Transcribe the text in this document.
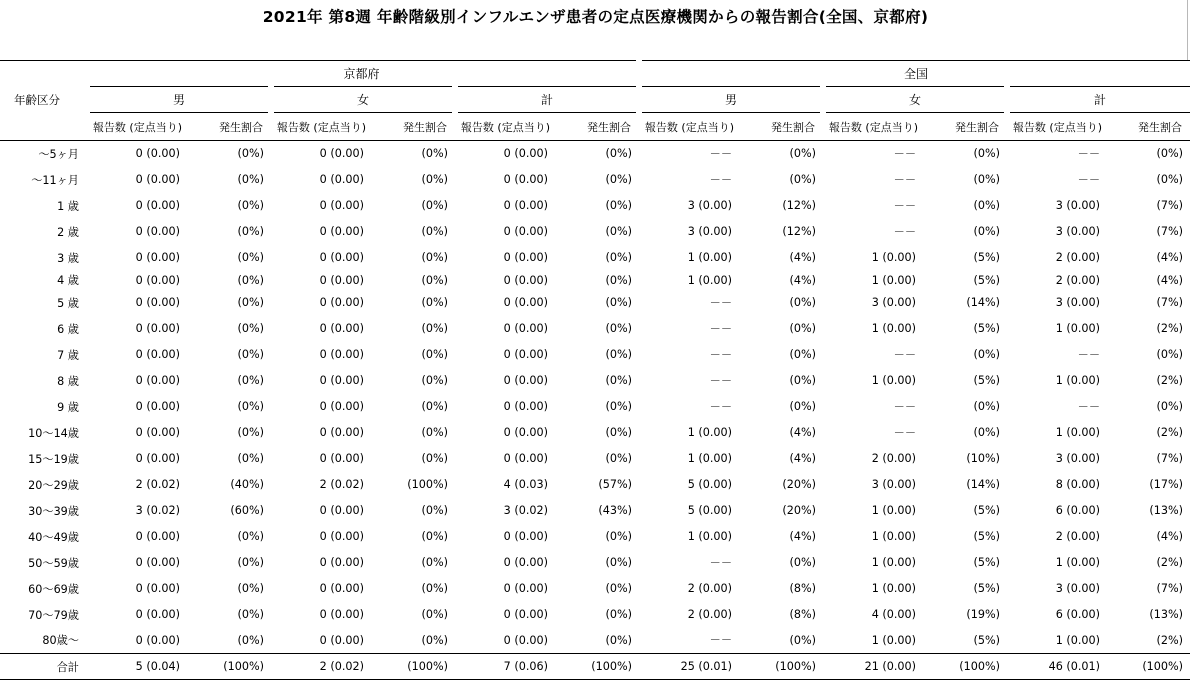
2021年 第8週 年齢階級別インフルエンザ患者の定点医療機関からの報告割合(全国、京都府)
	京都府						全国					
年齢区分	男		女		計		男		女		計	
	報告数 (定点当り)	発生割合	報告数 (定点当り)	発生割合	報告数 (定点当り)	発生割合	報告数 (定点当り)	発生割合	報告数 (定点当り)	発生割合	報告数 (定点当り)	発生割合
〜5ヶ月	0 (0.00)	(0%)	0 (0.00)	(0%)	0 (0.00)	(0%)	－－	(0%)	－－	(0%)	－－	(0%)
〜11ヶ月	0 (0.00)	(0%)	0 (0.00)	(0%)	0 (0.00)	(0%)	－－	(0%)	－－	(0%)	－－	(0%)
1 歳	0 (0.00)	(0%)	0 (0.00)	(0%)	0 (0.00)	(0%)	3 (0.00)	(12%)	－－	(0%)	3 (0.00)	(7%)
2 歳	0 (0.00)	(0%)	0 (0.00)	(0%)	0 (0.00)	(0%)	3 (0.00)	(12%)	－－	(0%)	3 (0.00)	(7%)
3 歳	0 (0.00)	(0%)	0 (0.00)	(0%)	0 (0.00)	(0%)	1 (0.00)	(4%)	1 (0.00)	(5%)	2 (0.00)	(4%)
4 歳	0 (0.00)	(0%)	0 (0.00)	(0%)	0 (0.00)	(0%)	1 (0.00)	(4%)	1 (0.00)	(5%)	2 (0.00)	(4%)
5 歳	0 (0.00)	(0%)	0 (0.00)	(0%)	0 (0.00)	(0%)	－－	(0%)	3 (0.00)	(14%)	3 (0.00)	(7%)
6 歳	0 (0.00)	(0%)	0 (0.00)	(0%)	0 (0.00)	(0%)	－－	(0%)	1 (0.00)	(5%)	1 (0.00)	(2%)
7 歳	0 (0.00)	(0%)	0 (0.00)	(0%)	0 (0.00)	(0%)	－－	(0%)	－－	(0%)	－－	(0%)
8 歳	0 (0.00)	(0%)	0 (0.00)	(0%)	0 (0.00)	(0%)	－－	(0%)	1 (0.00)	(5%)	1 (0.00)	(2%)
9 歳	0 (0.00)	(0%)	0 (0.00)	(0%)	0 (0.00)	(0%)	－－	(0%)	－－	(0%)	－－	(0%)
10〜14歳	0 (0.00)	(0%)	0 (0.00)	(0%)	0 (0.00)	(0%)	1 (0.00)	(4%)	－－	(0%)	1 (0.00)	(2%)
15〜19歳	0 (0.00)	(0%)	0 (0.00)	(0%)	0 (0.00)	(0%)	1 (0.00)	(4%)	2 (0.00)	(10%)	3 (0.00)	(7%)
20〜29歳	2 (0.02)	(40%)	2 (0.02)	(100%)	4 (0.03)	(57%)	5 (0.00)	(20%)	3 (0.00)	(14%)	8 (0.00)	(17%)
30〜39歳	3 (0.02)	(60%)	0 (0.00)	(0%)	3 (0.02)	(43%)	5 (0.00)	(20%)	1 (0.00)	(5%)	6 (0.00)	(13%)
40〜49歳	0 (0.00)	(0%)	0 (0.00)	(0%)	0 (0.00)	(0%)	1 (0.00)	(4%)	1 (0.00)	(5%)	2 (0.00)	(4%)
50〜59歳	0 (0.00)	(0%)	0 (0.00)	(0%)	0 (0.00)	(0%)	－－	(0%)	1 (0.00)	(5%)	1 (0.00)	(2%)
60〜69歳	0 (0.00)	(0%)	0 (0.00)	(0%)	0 (0.00)	(0%)	2 (0.00)	(8%)	1 (0.00)	(5%)	3 (0.00)	(7%)
70〜79歳	0 (0.00)	(0%)	0 (0.00)	(0%)	0 (0.00)	(0%)	2 (0.00)	(8%)	4 (0.00)	(19%)	6 (0.00)	(13%)
80歳〜	0 (0.00)	(0%)	0 (0.00)	(0%)	0 (0.00)	(0%)	－－	(0%)	1 (0.00)	(5%)	1 (0.00)	(2%)
合計	5 (0.04)	(100%)	2 (0.02)	(100%)	7 (0.06)	(100%)	25 (0.01)	(100%)	21 (0.00)	(100%)	46 (0.01)	(100%)
